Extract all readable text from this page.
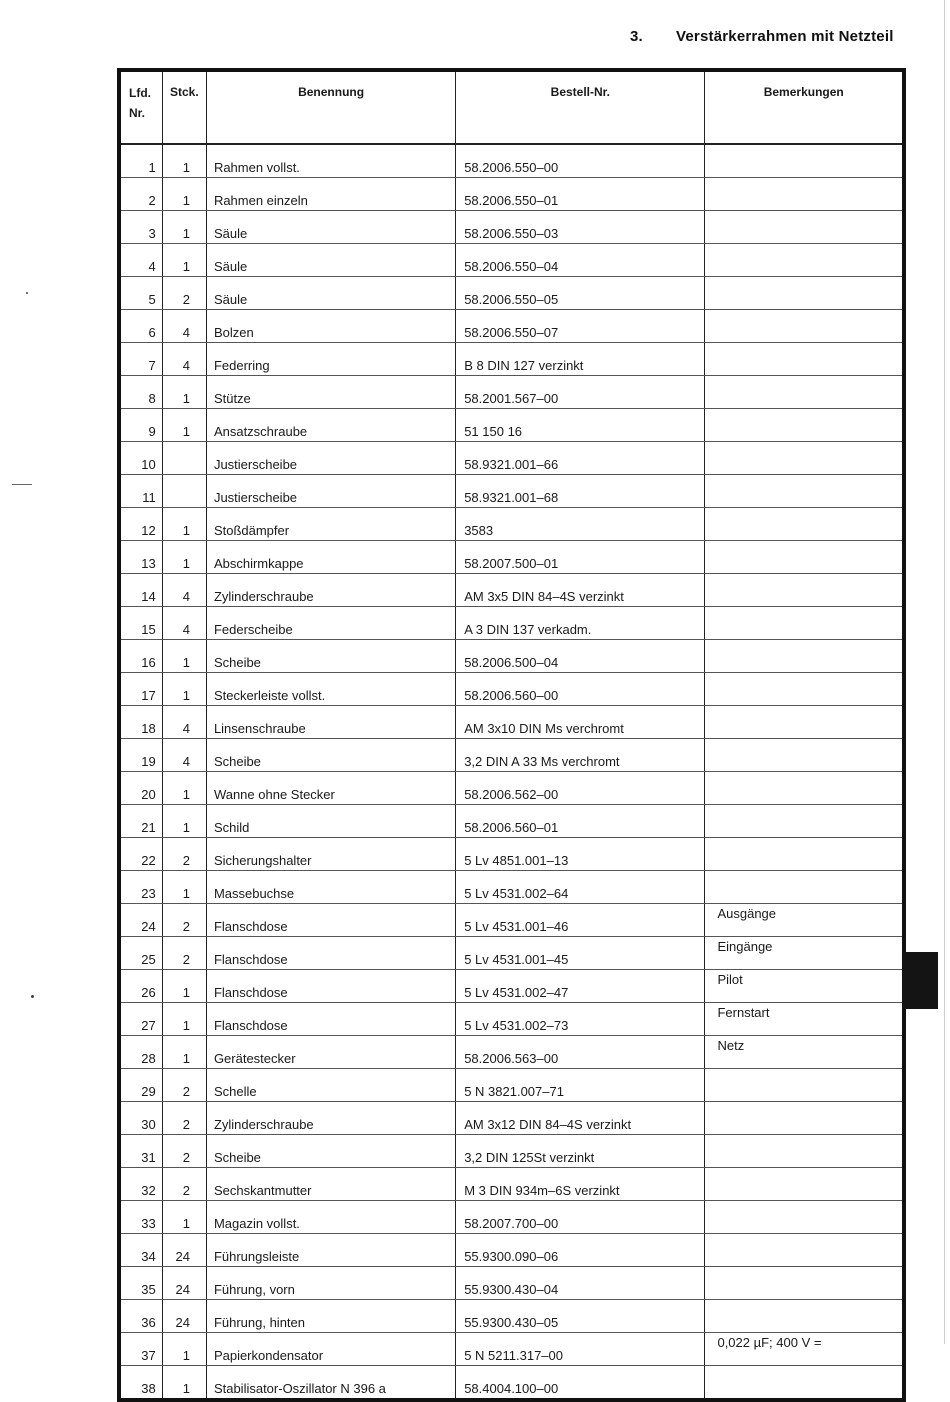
3. Verstärkerrahmen mit Netzteil
Lfd.
Nr.	Stck.	Benennung	Bestell-Nr.	Bemerkungen
1	1	Rahmen vollst.	58.2006.550–00	
2	1	Rahmen einzeln	58.2006.550–01	
3	1	Säule	58.2006.550–03	
4	1	Säule	58.2006.550–04	
5	2	Säule	58.2006.550–05	
6	4	Bolzen	58.2006.550–07	
7	4	Federring	B 8 DIN 127 verzinkt	
8	1	Stütze	58.2001.567–00	
9	1	Ansatzschraube	51 150 16	
10		Justierscheibe	58.9321.001–66	
11		Justierscheibe	58.9321.001–68	
12	1	Stoßdämpfer	3583	
13	1	Abschirmkappe	58.2007.500–01	
14	4	Zylinderschraube	AM 3x5 DIN 84–4S verzinkt	
15	4	Federscheibe	A 3 DIN 137 verkadm.	
16	1	Scheibe	58.2006.500–04	
17	1	Steckerleiste vollst.	58.2006.560–00	
18	4	Linsenschraube	AM 3x10 DIN Ms verchromt	
19	4	Scheibe	3,2 DIN A 33 Ms verchromt	
20	1	Wanne ohne Stecker	58.2006.562–00	
21	1	Schild	58.2006.560–01	
22	2	Sicherungshalter	5 Lv 4851.001–13	
23	1	Massebuchse	5 Lv 4531.002–64	
24	2	Flanschdose	5 Lv 4531.001–46	Ausgänge
25	2	Flanschdose	5 Lv 4531.001–45	Eingänge
26	1	Flanschdose	5 Lv 4531.002–47	Pilot
27	1	Flanschdose	5 Lv 4531.002–73	Fernstart
28	1	Gerätestecker	58.2006.563–00	Netz
29	2	Schelle	5 N 3821.007–71	
30	2	Zylinderschraube	AM 3x12 DIN 84–4S verzinkt	
31	2	Scheibe	3,2 DIN 125St verzinkt	
32	2	Sechskantmutter	M 3 DIN 934m–6S verzinkt	
33	1	Magazin vollst.	58.2007.700–00	
34	24	Führungsleiste	55.9300.090–06	
35	24	Führung, vorn	55.9300.430–04	
36	24	Führung, hinten	55.9300.430–05	
37	1	Papierkondensator	5 N 5211.317–00	0,022 µF; 400 V =
38	1	Stabilisator-Oszillator N 396 a	58.4004.100–00	
